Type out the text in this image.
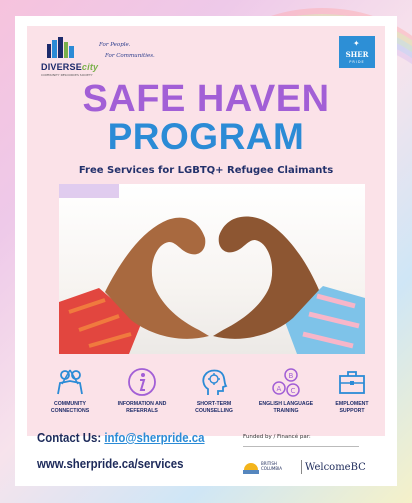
DIVERSEcity
COMMUNITY RESOURCES SOCIETY
For People.
For Communities.
✦
SHER
PRIDE
SAFE HAVEN
PROGRAM
Free Services for LGBTQ+ Refugee Claimants
COMMUNITY
CONNECTIONS
INFORMATION AND
REFERRALS
SHORT-TERM
COUNSELLING
A
B
C
ENGLISH LANGUAGE
TRAINING
EMPLOMENT
SUPPORT
Contact Us: info@sherpride.ca
www.sherpride.ca/services
Funded by / Financé par:
BRITISH
COLUMBIA WelcomeBC
